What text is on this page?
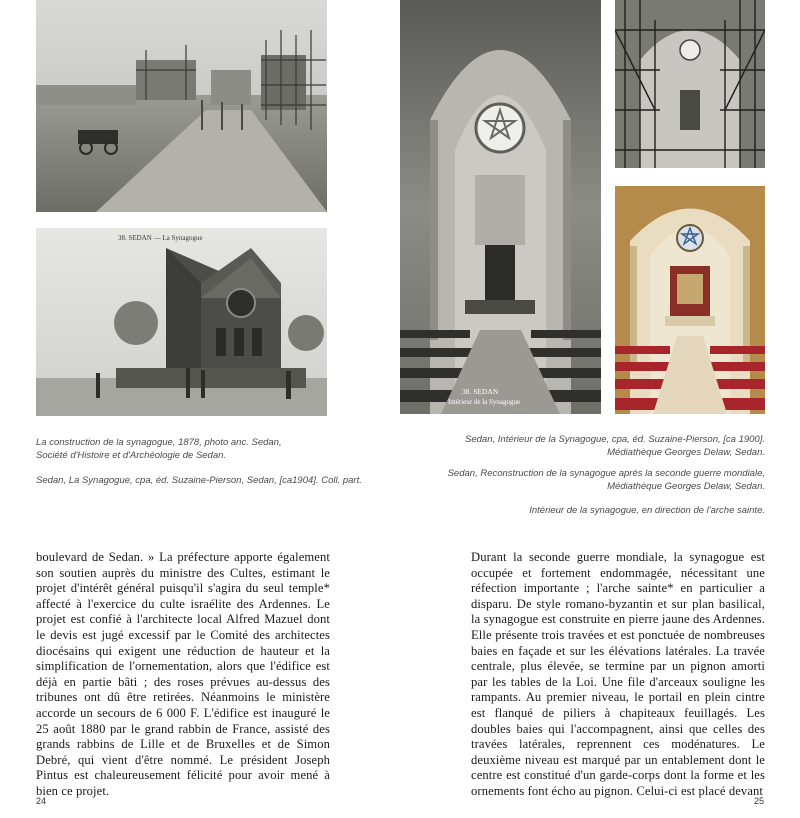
38. SEDAN — La Synagogue
La construction de la synagogue, 1878, photo anc. Sedan,
Société d'Histoire et d'Archéologie de Sedan.
Sedan, La Synagogue, cpa, éd. Suzaine-Pierson, Sedan, [ca1904]. Coll. part.
38. SEDAN
Intérieur de la Synagogue
Sedan, Intérieur de la Synagogue, cpa, éd. Suzaine-Pierson, [ca 1900].
Médiathèque Georges Delaw, Sedan.
Sedan, Reconstruction de la synagogue après la seconde guerre mondiale,
Médiathèque Georges Delaw, Sedan.
Intérieur de la synagogue, en direction de l'arche sainte.
boulevard de Sedan. » La préfecture apporte également son soutien auprès du ministre des Cultes, estimant le projet d'intérêt général puisqu'il s'agira du seul temple* affecté à l'exercice du culte israélite des Ardennes. Le projet est confié à l'architecte local Alfred Mazuel dont le devis est jugé excessif par le Comité des architectes diocésains qui exigent une réduction de hauteur et la simplification de l'ornementation, alors que l'édifice est déjà en partie bâti ; des roses prévues au-dessus des tribunes ont dû être retirées. Néanmoins le ministère accorde un secours de 6 000 F. L'édifice est inauguré le 25 août 1880 par le grand rabbin de France, assisté des grands rabbins de Lille et de Bruxelles et de Simon Debré, qui vient d'être nommé. Le président Joseph Pintus est chaleureusement félicité pour avoir mené à bien ce projet.
Durant la seconde guerre mondiale, la synagogue est occupée et fortement endommagée, nécessitant une réfection importante ; l'arche sainte* en particulier a disparu. De style romano-byzantin et sur plan basilical, la synagogue est construite en pierre jaune des Ardennes. Elle présente trois travées et est ponctuée de nombreuses baies en façade et sur les élévations latérales. La travée centrale, plus élevée, se termine par un pignon amorti par les tables de la Loi. Une file d'arceaux souligne les rampants. Au premier niveau, le portail en plein cintre est flanqué de piliers à chapiteaux feuillagés. Les doubles baies qui l'accompagnent, ainsi que celles des travées latérales, reprennent ces modénatures. Le deuxième niveau est marqué par un entablement dont le centre est constitué d'un garde-corps dont la forme et les ornements font écho au pignon. Celui-ci est placé devant
24	25
